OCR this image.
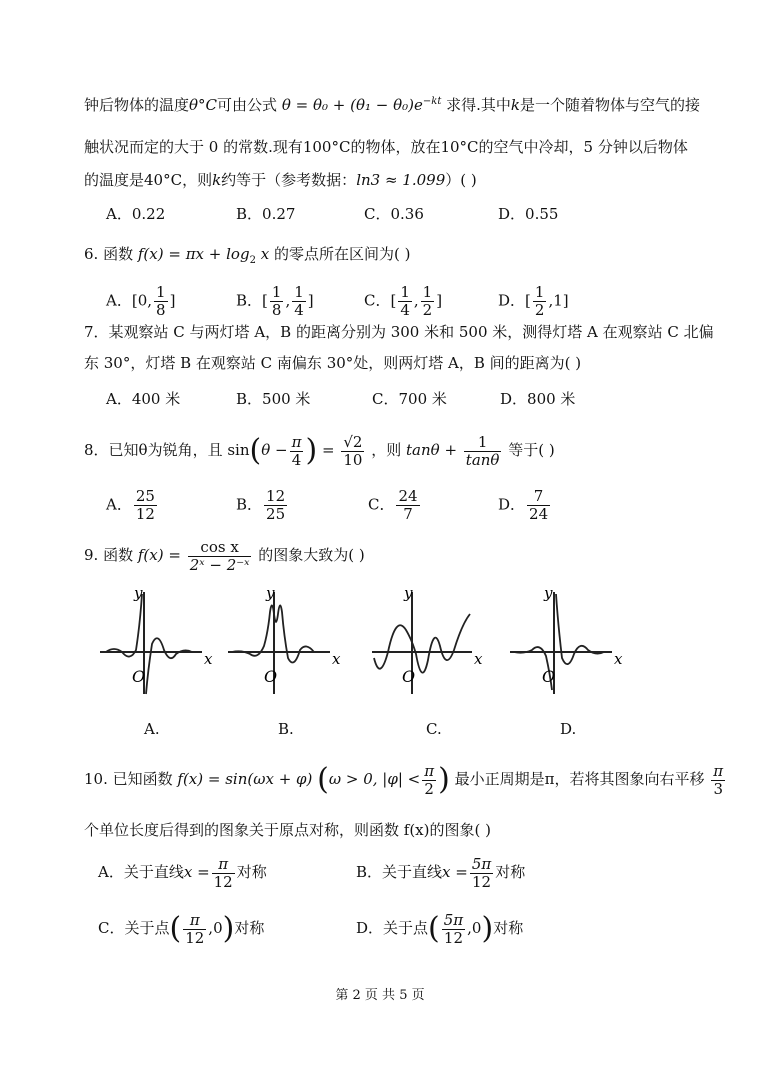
钟后物体的温度θ°C可由公式 $\theta = \theta_0 + (\theta_1 - \theta_0)e^{-kt}$ 求得.其中k是一个随着物体与空气的接
触状况而定的大于 0 的常数.现有100°C的物体，放在10°C的空气中冷却，5 分钟以后物体
的温度是40°C，则k约等于（参考数据：ln3 ≈ 1.099）( )
A．0.22	B．0.27	C．0.36	D．0.55
6. 函数 $f(x) = \pi x + \log_2 x$ 的零点所在区间为( )
A．[0, $\frac{1}{8}$ ]	B．[ $\frac{1}{8}$ , $\frac{1}{4}$ ]	C．[ $\frac{1}{4}$ , $\frac{1}{2}$ ]	D．[ $\frac{1}{2} ,1$]
7．某观察站 C 与两灯塔 A，B 的距离分别为 300 米和 500 米，测得灯塔 A 在观察站 C 北偏
东 30°，灯塔 B 在观察站 C 南偏东 30°处，则两灯塔 A，B 间的距离为( )
A．400 米	B．500 米	C．700 米	D．800 米
8．已知θ为锐角，且 $\sin(\theta - \frac{\pi}{4}$ ) = $\frac{√2}{10}$ ，则 $\tan\theta + \frac{1}{\tan\theta}$ 等于( )
A． $\frac{25}{12}$	B． $\frac{12}{25}$	C． $\frac{24}{7}$	D． $\frac{7}{24}$
9. 函数 $f(x) = \frac{\text{cos x}}{\text{2ˣ − 2⁻ˣ}}$ 的图象大致为( )
y
x
O
y
x
O
y
x
O
y
x
O
A.	B.	C.	D.
10. 已知函数 f(x) = sin(ωx + φ) (ω > 0, $|\varphi| < \frac{\pi}{2}$ ) 最小正周期是π，若将其图象向右平移 $\frac{\pi}{3}$
个单位长度后得到的图象关于原点对称，则函数 f(x)的图象( )
A．关于直线$x = \frac{\pi}{12}$ 对称	B．关于直线$x = \frac{5\pi}{12}$ 对称
C．关于点( $\frac{\pi}{12} ,0$)对称	D．关于点( $\frac{5\pi}{12} ,0$)对称
第 2 页 共 5 页
